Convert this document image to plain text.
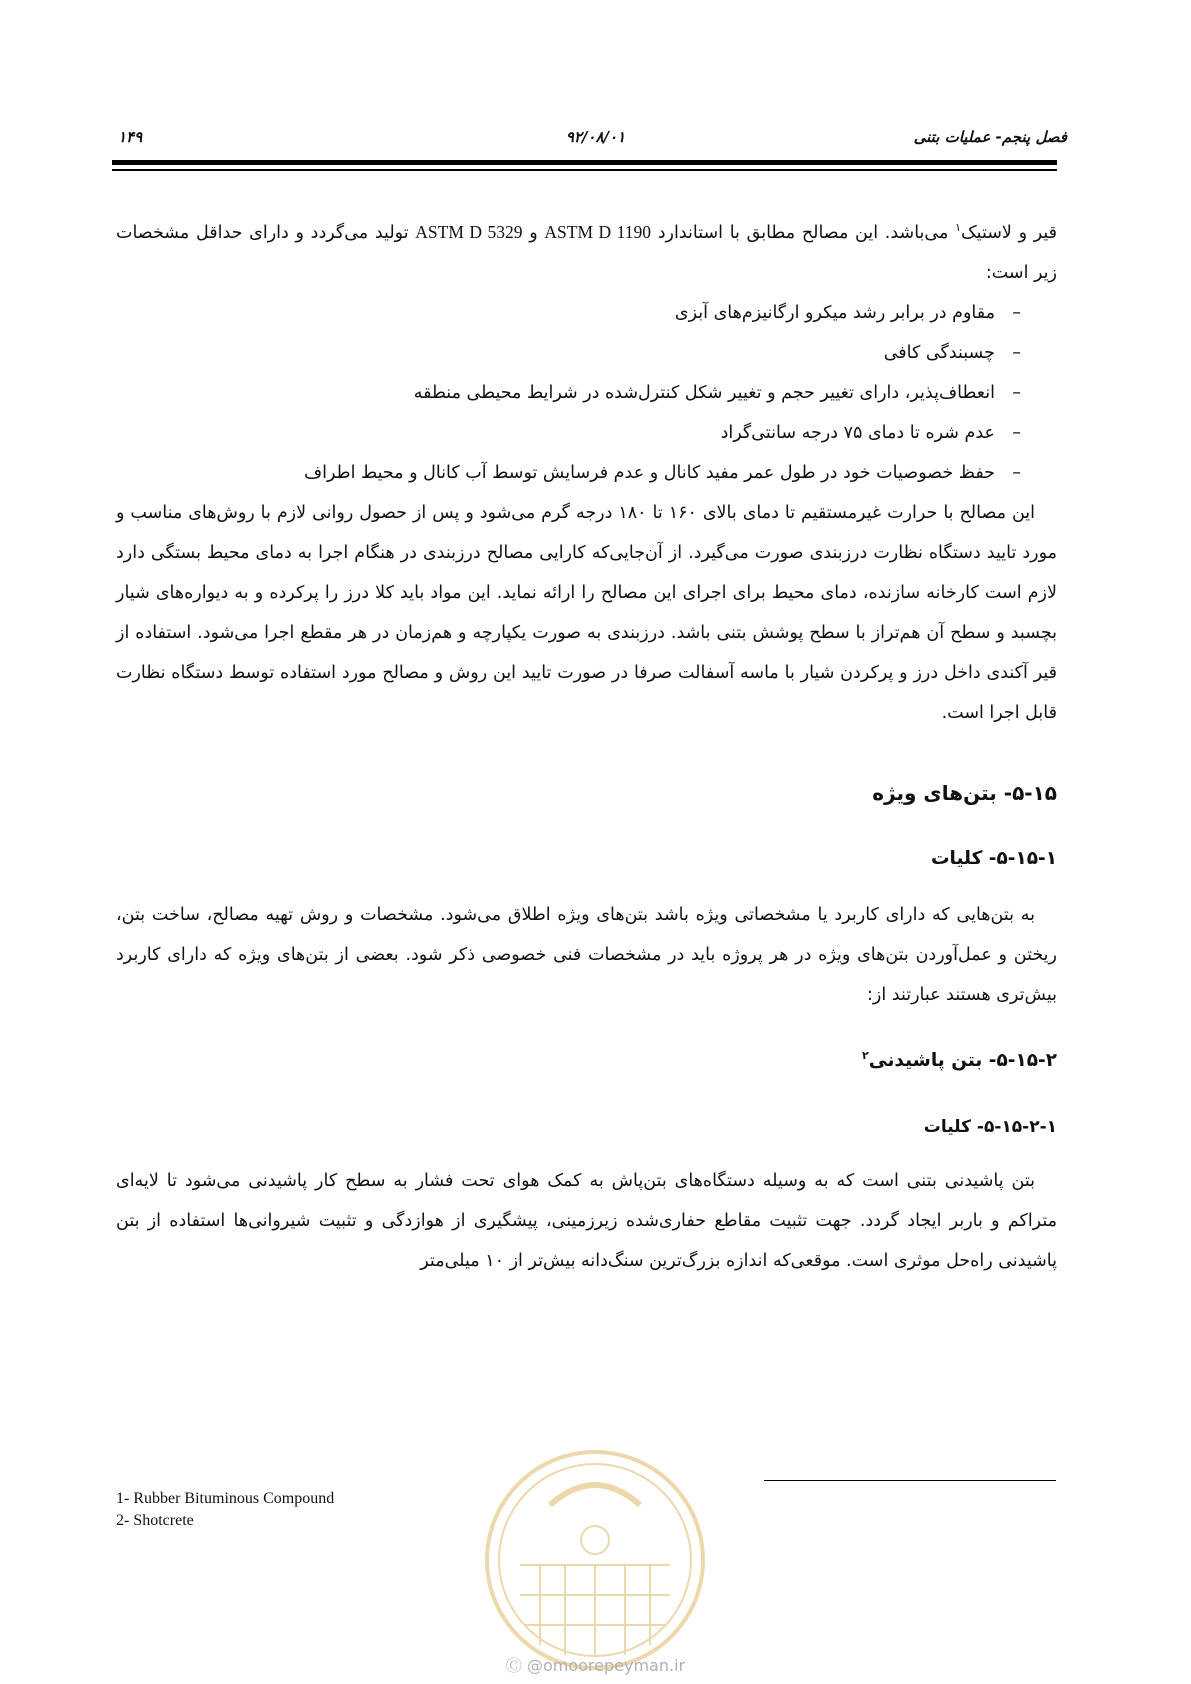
فصل پنجم- عملیات بتنی
۹۲/۰۸/۰۱
۱۴۹

قیر و لاستیک$^۱$ می‌باشد. این مصالح مطابق با استاندارد ASTM D 1190 و ASTM D 5329 تولید می‌گردد و دارای حداقل مشخصات زیر است:

–
مقاوم در برابر رشد میکرو ارگانیزم‌های آبزی
–
چسبندگی کافی
–
انعطاف‌پذیر، دارای تغییر حجم و تغییر شکل کنترل‌شده در شرایط محیطی منطقه
–
عدم شره تا دمای ۷۵ درجه سانتی‌گراد
–
حفظ خصوصیات خود در طول عمر مفید کانال و عدم فرسایش توسط آب کانال و محیط اطراف

این مصالح با حرارت غیرمستقیم تا دمای بالای ۱۶۰ تا ۱۸۰ درجه گرم می‌شود و پس از حصول روانی لازم با روش‌های مناسب و مورد تایید دستگاه نظارت درزبندی صورت می‌گیرد. از آن‌جایی‌که کارایی مصالح درزبندی در هنگام اجرا به دمای محیط بستگی دارد لازم است کارخانه سازنده، دمای محیط برای اجرای این مصالح را ارائه نماید. این مواد باید کلا درز را پرکرده و به دیواره‌های شیار بچسبد و سطح آن هم‌تراز با سطح پوشش بتنی باشد. درزبندی به صورت یکپارچه و هم‌زمان در هر مقطع اجرا می‌شود. استفاده از قیر آکندی داخل درز و پرکردن شیار با ماسه آسفالت صرفا در صورت تایید این روش و مصالح مورد استفاده توسط دستگاه نظارت قابل اجرا است.

۵-۱۵- بتن‌های ویژه

۵-۱۵-۱- کلیات

به بتن‌هایی که دارای کاربرد یا مشخصاتی ویژه باشد بتن‌های ویژه اطلاق می‌شود. مشخصات و روش تهیه مصالح، ساخت بتن، ریختن و عمل‌آوردن بتن‌های ویژه در هر پروژه باید در مشخصات فنی خصوصی ذکر شود. بعضی از بتن‌های ویژه که دارای کاربرد بیش‌تری هستند عبارتند از:

۵-۱۵-۲- بتن پاشیدنی$^۲$

۵-۱۵-۲-۱- کلیات

بتن پاشیدنی بتنی است که به وسیله دستگاه‌های بتن‌پاش به کمک هوای تحت فشار به سطح کار پاشیدنی می‌شود تا لایه‌ای متراکم و باربر ایجاد گردد. جهت تثبیت مقاطع حفاری‌شده زیرزمینی، پیشگیری از هوازدگی و تثبیت شیروانی‌ها استفاده از بتن پاشیدنی راه‌حل موثری است. موقعی‌که اندازه بزرگ‌ترین سنگ‌دانه بیش‌تر از ۱۰ میلی‌متر

Ⓒ @omoorepeyman.ir
1- Rubber Bituminous Compound
2- Shotcrete
